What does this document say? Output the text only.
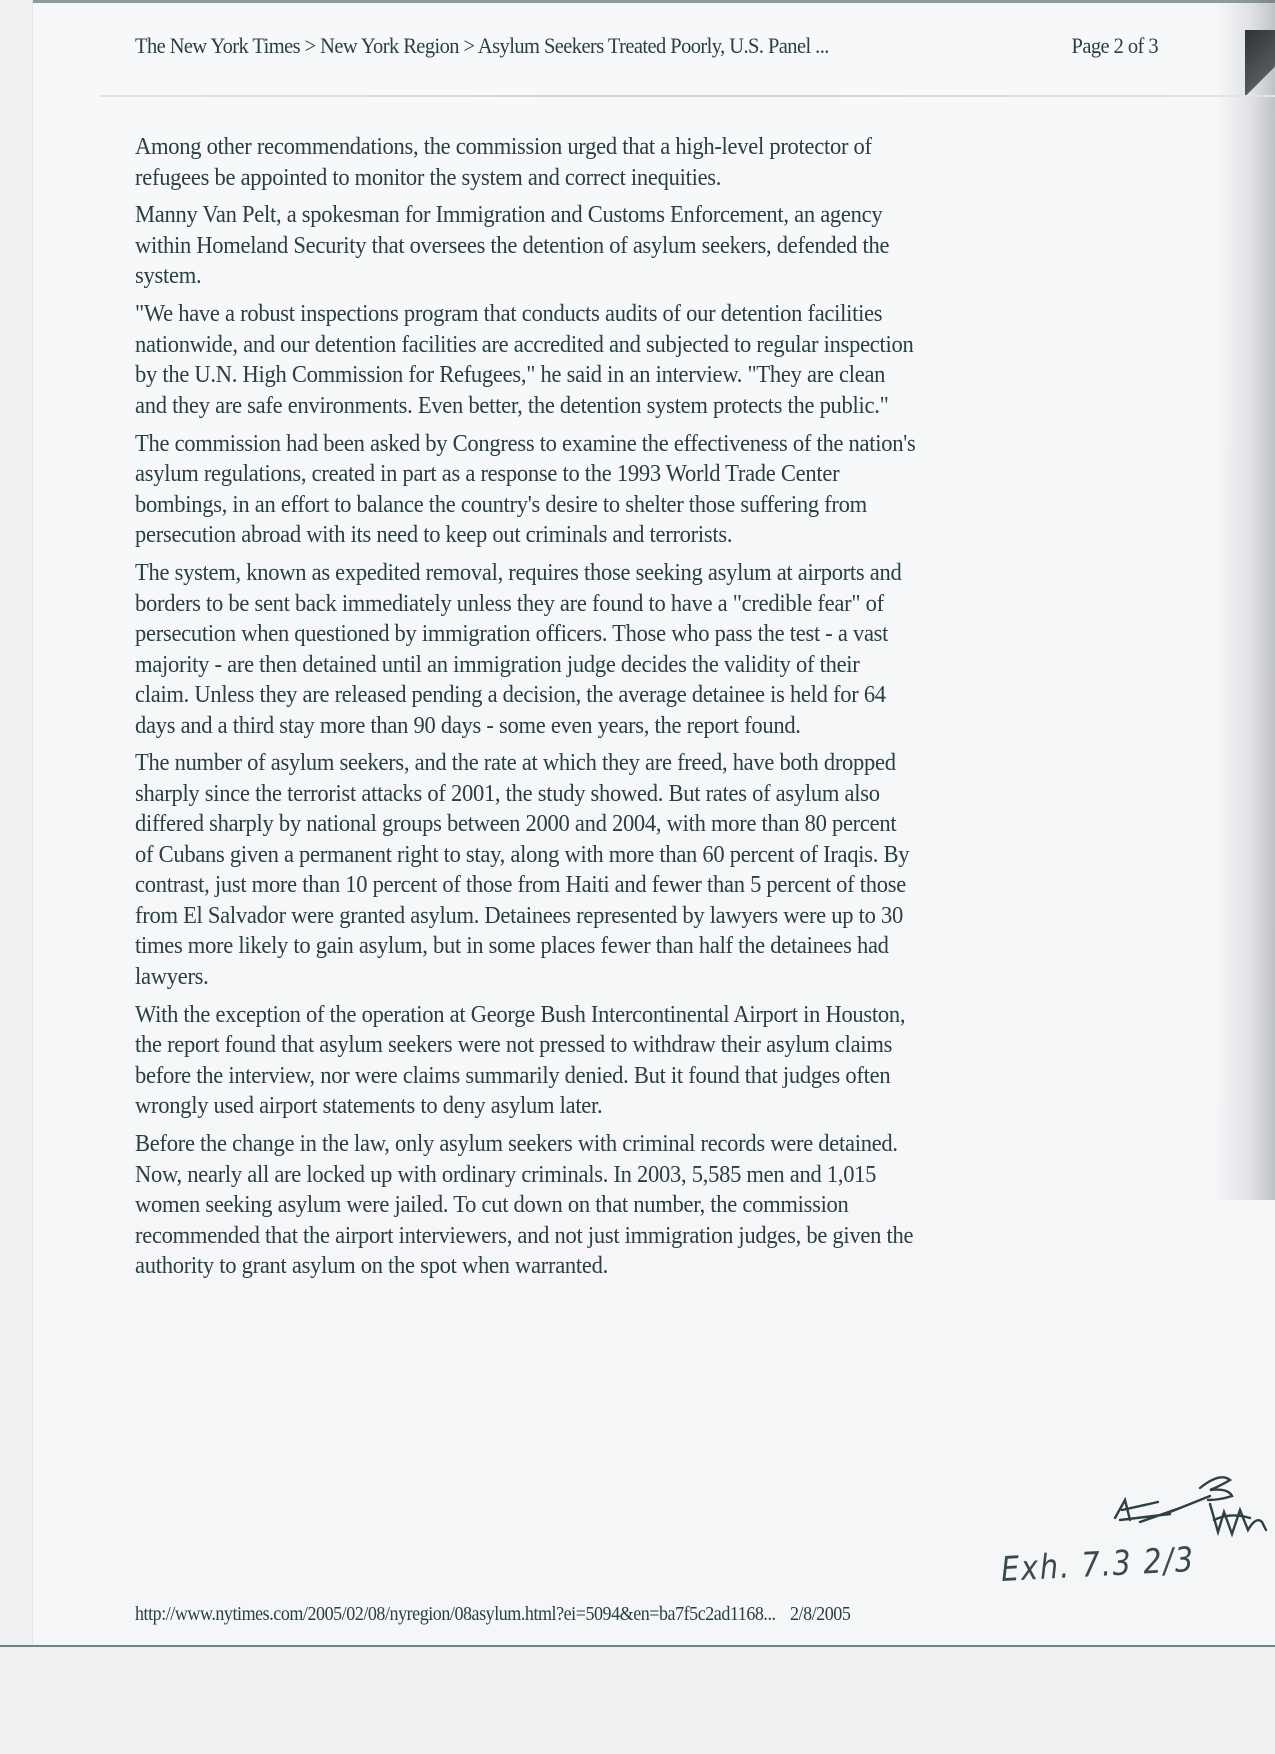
The New York Times > New York Region > Asylum Seekers Treated Poorly, U.S. Panel ...	Page 2 of 3
Among other recommendations, the commission urged that a high-level protector of
refugees be appointed to monitor the system and correct inequities.
Manny Van Pelt, a spokesman for Immigration and Customs Enforcement, an agency
within Homeland Security that oversees the detention of asylum seekers, defended the
system.
"We have a robust inspections program that conducts audits of our detention facilities
nationwide, and our detention facilities are accredited and subjected to regular inspection
by the U.N. High Commission for Refugees," he said in an interview. "They are clean
and they are safe environments. Even better, the detention system protects the public."
The commission had been asked by Congress to examine the effectiveness of the nation's
asylum regulations, created in part as a response to the 1993 World Trade Center
bombings, in an effort to balance the country's desire to shelter those suffering from
persecution abroad with its need to keep out criminals and terrorists.
The system, known as expedited removal, requires those seeking asylum at airports and
borders to be sent back immediately unless they are found to have a "credible fear" of
persecution when questioned by immigration officers. Those who pass the test - a vast
majority - are then detained until an immigration judge decides the validity of their
claim. Unless they are released pending a decision, the average detainee is held for 64
days and a third stay more than 90 days - some even years, the report found.
The number of asylum seekers, and the rate at which they are freed, have both dropped
sharply since the terrorist attacks of 2001, the study showed. But rates of asylum also
differed sharply by national groups between 2000 and 2004, with more than 80 percent
of Cubans given a permanent right to stay, along with more than 60 percent of Iraqis. By
contrast, just more than 10 percent of those from Haiti and fewer than 5 percent of those
from El Salvador were granted asylum. Detainees represented by lawyers were up to 30
times more likely to gain asylum, but in some places fewer than half the detainees had
lawyers.
With the exception of the operation at George Bush Intercontinental Airport in Houston,
the report found that asylum seekers were not pressed to withdraw their asylum claims
before the interview, nor were claims summarily denied. But it found that judges often
wrongly used airport statements to deny asylum later.
Before the change in the law, only asylum seekers with criminal records were detained.
Now, nearly all are locked up with ordinary criminals. In 2003, 5,585 men and 1,015
women seeking asylum were jailed. To cut down on that number, the commission
recommended that the airport interviewers, and not just immigration judges, be given the
authority to grant asylum on the spot when warranted.
Exh. 7.3 2/3
http://www.nytimes.com/2005/02/08/nyregion/08asylum.html?ei=5094&en=ba7f5c2ad1168... 2/8/2005
